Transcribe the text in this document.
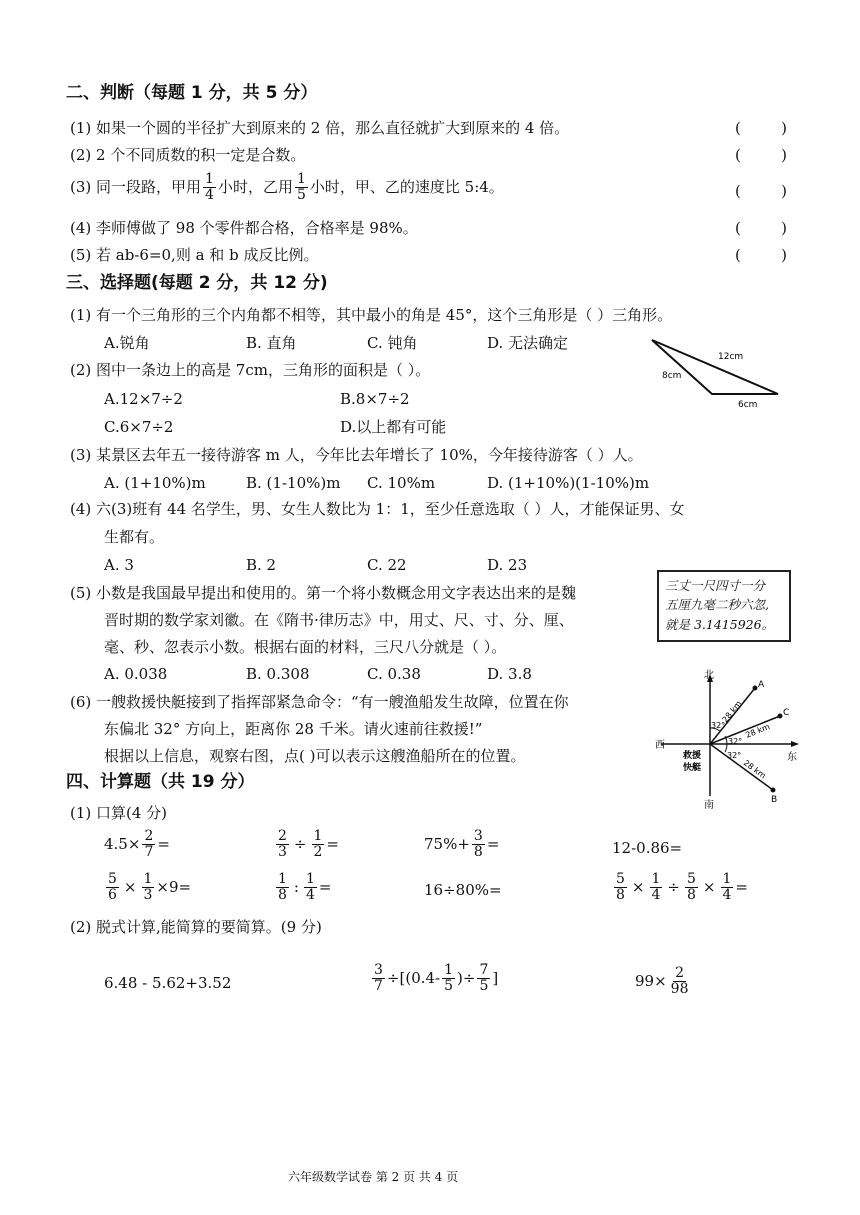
二、判断（每题 1 分，共 5 分）
(1) 如果一个圆的半径扩大到原来的 2 倍，那么直径就扩大到原来的 4 倍。	(	)
(2) 2 个不同质数的积一定是合数。	(	)
(3) 同一段路，甲用 $\frac{1}{4}$ 小时，乙用 $\frac{1}{5}$ 小时，甲、乙的速度比 5:4。	(	)
(4) 李师傅做了 98 个零件都合格，合格率是 98%。	(	)
(5) 若 ab-6=0,则 a 和 b 成反比例。	(	)
三、选择题(每题 2 分，共 12 分)
(1) 有一个三角形的三个内角都不相等，其中最小的角是 45°，这个三角形是（ ）三角形。
A.锐角	B. 直角	C. 钝角	D. 无法确定
12cm
8cm
6cm
(2) 图中一条边上的高是 7cm，三角形的面积是（ ）。
A.12×7÷2	B.8×7÷2
C.6×7÷2	D.以上都有可能
(3) 某景区去年五一接待游客 m 人，今年比去年增长了 10%，今年接待游客（ ）人。
A. (1+10%)m	B. (1-10%)m C. 10%m	D. (1+10%)(1-10%)m
(4) 六(3)班有 44 名学生，男、女生人数比为 1：1，至少任意选取（ ）人，才能保证男、女
生都有。
A. 3	B. 2	C. 22	D. 23
(5) 小数是我国最早提出和使用的。第一个将小数概念用文字表达出来的是魏
晋时期的数学家刘徽。在《隋书·律历志》中，用丈、尺、寸、分、厘、
毫、秒、忽表示小数。根据右面的材料，三尺八分就是（ ）。
A. 0.038	B. 0.308	C. 0.38	D. 3.8
三丈一尺四寸一分
五厘九毫二秒六忽,
就是 3.1415926。
(6) 一艘救援快艇接到了指挥部紧急命令：“有一艘渔船发生故障，位置在你
东偏北 32° 方向上，距离你 28 千米。请火速前往救援!”
根据以上信息，观察右图，点( )可以表示这艘渔船所在的位置。
北
南
西
东
救援
快艇
32°
32°
32°
28 km
28 km
28 km
A
C
B
四、计算题（共 19 分）
(1) 口算(4 分)
$4.5\times \frac{2}{7}$ =	$\frac{2}{3} \div \frac{1}{2}$ =	$75\%+ \frac{3}{8}$ =	12-0.86=
$\frac{5}{6} \times \frac{1}{3} \times 9=$	$\frac{1}{8}$ : $\frac{1}{4}$ =	16÷80%=	$\frac{5}{8} \times \frac{1}{4} \div \frac{5}{8} \times \frac{1}{4}$ =
(2) 脱式计算,能简算的要简算。(9 分)
6.48 - 5.62+3.52	$\frac{3}{7} \div[(0.4- \frac{1}{5}$ )÷ $\frac{7}{5}$ ]	$99\times \frac{2}{98}$
六年级数学试卷 第 2 页 共 4 页
